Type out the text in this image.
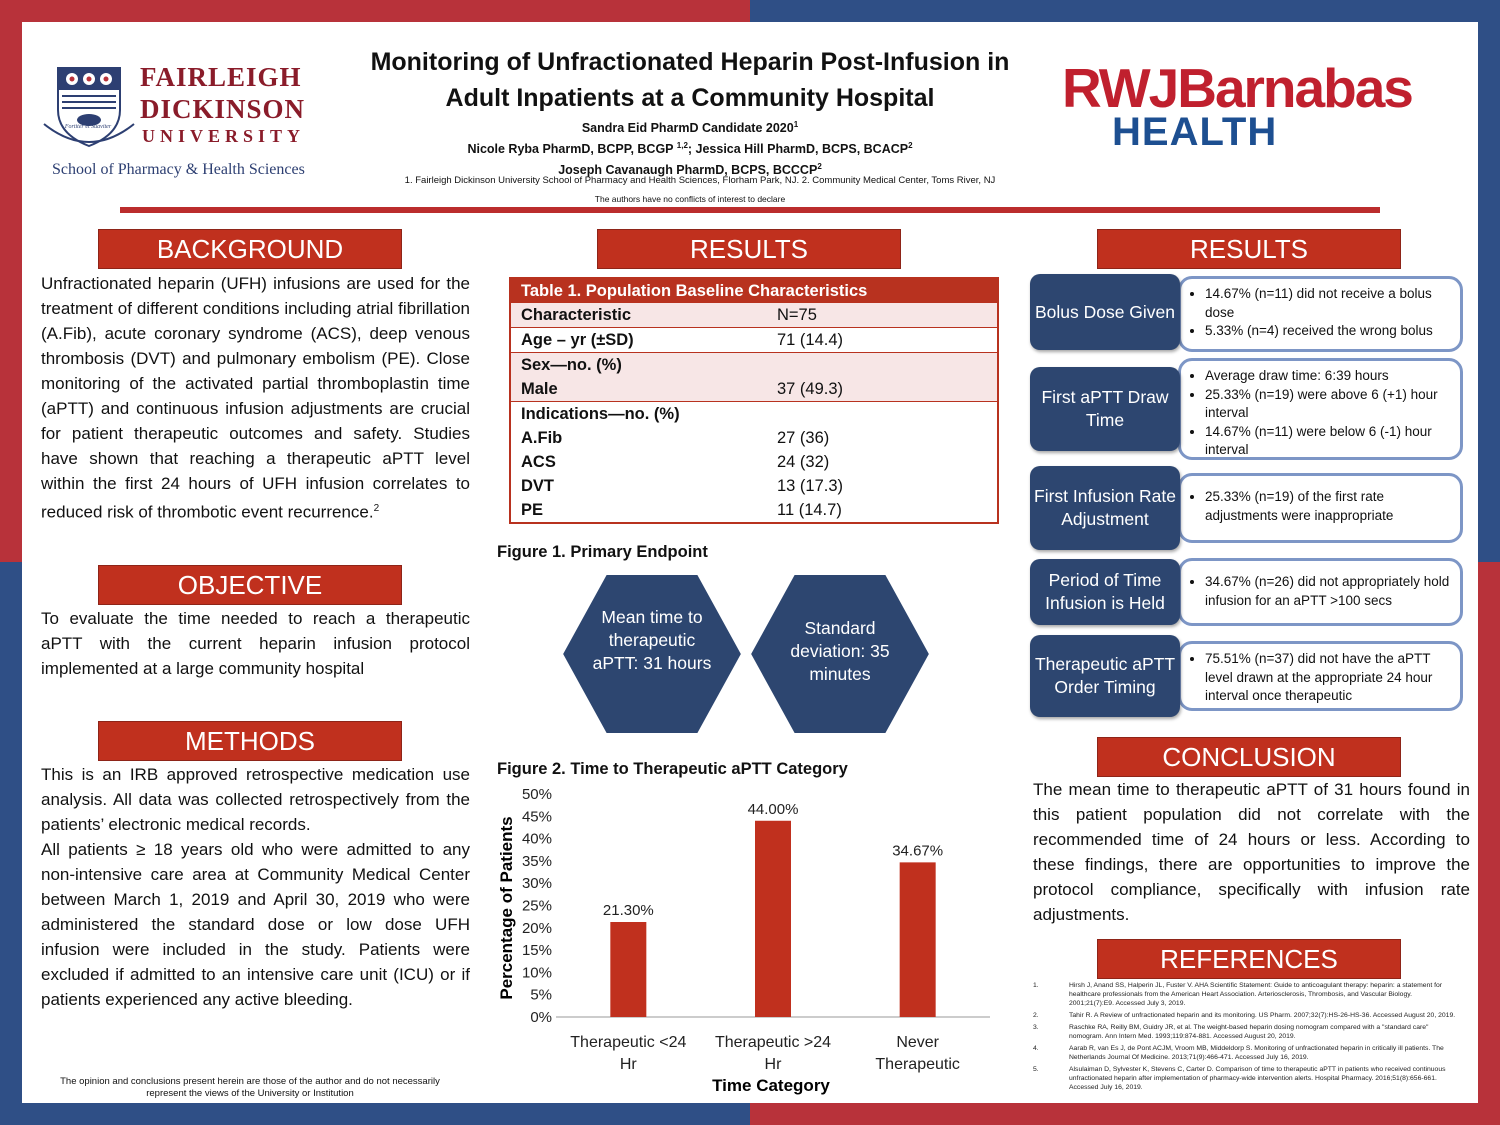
Fortiter et Suaviter
FAIRLEIGH
DICKINSON
UNIVERSITY
School of Pharmacy & Health Sciences
Monitoring of Unfractionated Heparin Post-Infusion in
Adult Inpatients at a Community Hospital
Sandra Eid PharmD Candidate 2020$^1$
Nicole Ryba PharmD, BCPP, BCGP $^{1,2}$; Jessica Hill PharmD, BCPS, BCACP$^2$
Joseph Cavanaugh PharmD, BCPS, BCCCP$^2$
1. Fairleigh Dickinson University School of Pharmacy and Health Sciences, Florham Park, NJ. 2. Community Medical Center, Toms River, NJ
The authors have no conflicts of interest to declare
RWJBarnabas
HEALTH
BACKGROUND

Unfractionated heparin (UFH) infusions are used for the treatment of different conditions including atrial fibrillation (A.Fib), acute coronary syndrome (ACS), deep venous thrombosis (DVT) and pulmonary embolism (PE). Close monitoring of the activated partial thromboplastin time (aPTT) and continuous infusion adjustments are crucial for patient therapeutic outcomes and safety. Studies have shown that reaching a therapeutic aPTT level within the first 24 hours of UFH infusion correlates to reduced risk of thrombotic event recurrence.$^2$

OBJECTIVE

To evaluate the time needed to reach a therapeutic aPTT with the current heparin infusion protocol implemented at a large community hospital

METHODS

This is an IRB approved retrospective medication use analysis. All data was collected retrospectively from the patients’ electronic medical records.

All patients ≥ 18 years old who were admitted to any non-intensive care area at Community Medical Center between March 1, 2019 and April 30, 2019 who were administered the standard dose or low dose UFH infusion were included in the study. Patients were excluded if admitted to an intensive care unit (ICU) or if patients experienced any active bleeding.

The opinion and conclusions present herein are those of the author and do not necessarily represent the views of the University or Institution
RESULTS
Table 1. Population Baseline Characteristics	
Characteristic	N=75
Age – yr (±SD)	71 (14.4)
Sex—no. (%)	
Male	37 (49.3)
Indications—no. (%)	
A.Fib	27 (36)
ACS	24 (32)
DVT	13 (17.3)
PE	11 (14.7)
Figure 1. Primary Endpoint
Mean time to therapeutic aPTT: 31 hours
Standard deviation: 35 minutes
Figure 2. Time to Therapeutic aPTT Category
0%
5%
10%
15%
20%
25%
30%
35%
40%
45%
50%
21.30%
44.00%
34.67%
Therapeutic <24
Hr
Therapeutic >24
Hr
Never
Therapeutic
Percentage of Patients
Time Category
RESULTS
• 14.67% (n=11) did not receive a bolus dose
• 5.33% (n=4) received the wrong bolus
Bolus Dose Given
• Average draw time: 6:39 hours
• 25.33% (n=19) were above 6 (+1) hour interval
• 14.67% (n=11) were below 6 (-1) hour interval
First aPTT Draw Time
• 25.33% (n=19) of the first rate adjustments were inappropriate
First Infusion Rate Adjustment
• 34.67% (n=26) did not appropriately hold infusion for an aPTT >100 secs
Period of Time Infusion is Held
• 75.51% (n=37) did not have the aPTT level drawn at the appropriate 24 hour interval once therapeutic
Therapeutic aPTT Order Timing
CONCLUSION

The mean time to therapeutic aPTT of 31 hours found in this patient population did not correlate with the recommended time of 24 hours or less. According to these findings, there are opportunities to improve the protocol compliance, specifically with infusion rate adjustments.

REFERENCES
1.	Hirsh J, Anand SS, Halperin JL, Fuster V. AHA Scientific Statement: Guide to anticoagulant therapy: heparin: a statement for healthcare professionals from the American Heart Association. Arteriosclerosis, Thrombosis, and Vascular Biology. 2001;21(7):E9. Accessed July 3, 2019.
2.	Tahir R. A Review of unfractionated heparin and its monitoring. US Pharm. 2007;32(7):HS-26-HS-36. Accessed August 20, 2019.
3.	Raschke RA, Reilly BM, Guidry JR, et al. The weight-based heparin dosing nomogram compared with a "standard care" nomogram. Ann Intern Med. 1993;119:874-881. Accessed August 20, 2019.
4.	Aarab R, van Es J, de Pont ACJM, Vroom MB, Middeldorp S. Monitoring of unfractionated heparin in critically ill patients. The Netherlands Journal Of Medicine. 2013;71(9):466-471. Accessed July 16, 2019.
5.	Alsulaiman D, Sylvester K, Stevens C, Carter D. Comparison of time to therapeutic aPTT in patients who received continuous unfractionated heparin after implementation of pharmacy-wide intervention alerts. Hospital Pharmacy. 2016;51(8):656-661. Accessed July 16, 2019.
